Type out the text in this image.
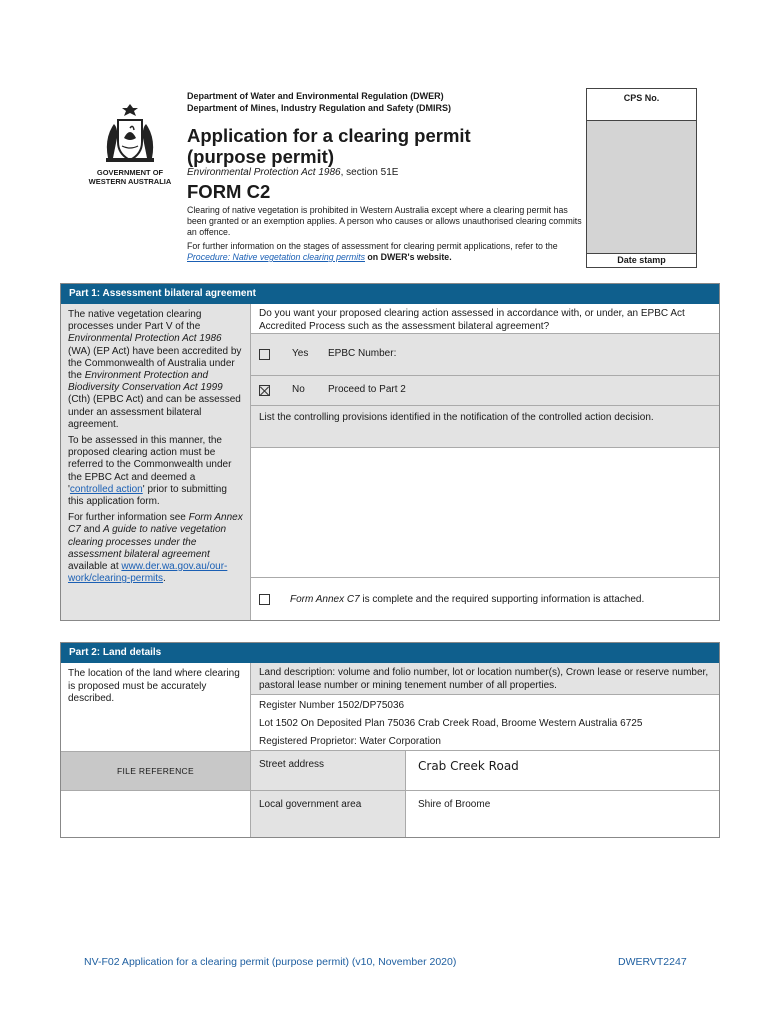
GOVERNMENT OF
WESTERN AUSTRALIA
Department of Water and Environmental Regulation (DWER)
Department of Mines, Industry Regulation and Safety (DMIRS)
Application for a clearing permit
(purpose permit)
Environmental Protection Act 1986, section 51E
FORM C2

Clearing of native vegetation is prohibited in Western Australia except where a clearing permit has been granted or an exemption applies. A person who causes or allows unauthorised clearing commits an offence.

For further information on the stages of assessment for clearing permit applications, refer to the Procedure: Native vegetation clearing permits on DWER's website.

CPS No.
Date stamp
Part 1: Assessment bilateral agreement

The native vegetation clearing processes under Part V of the Environmental Protection Act 1986 (WA) (EP Act) have been accredited by the Commonwealth of Australia under the Environment Protection and Biodiversity Conservation Act 1999 (Cth) (EPBC Act) and can be assessed under an assessment bilateral agreement.

To be assessed in this manner, the proposed clearing action must be referred to the Commonwealth under the EPBC Act and deemed a 'controlled action' prior to submitting this application form.

For further information see Form Annex C7 and A guide to native vegetation clearing processes under the assessment bilateral agreement available at www.der.wa.gov.au/our-work/clearing-permits.

Do you want your proposed clearing action assessed in accordance with, or under, an EPBC Act Accredited Process such as the assessment bilateral agreement?
Yes	EPBC Number:
No	Proceed to Part 2
List the controlling provisions identified in the notification of the controlled action decision.
Form Annex C7 is complete and the required supporting information is attached.
Part 2: Land details
The location of the land where clearing is proposed must be accurately described.
FILE REFERENCE
Land description: volume and folio number, lot or location number(s), Crown lease or reserve number, pastoral lease number or mining tenement number of all properties.
Register Number 1502/DP75036
Lot 1502 On Deposited Plan 75036 Crab Creek Road, Broome Western Australia 6725
Registered Proprietor: Water Corporation
Street address	Crab Creek Road
Local government area	Shire of Broome
NV-F02 Application for a clearing permit (purpose permit) (v10, November 2020)	DWERVT2247
